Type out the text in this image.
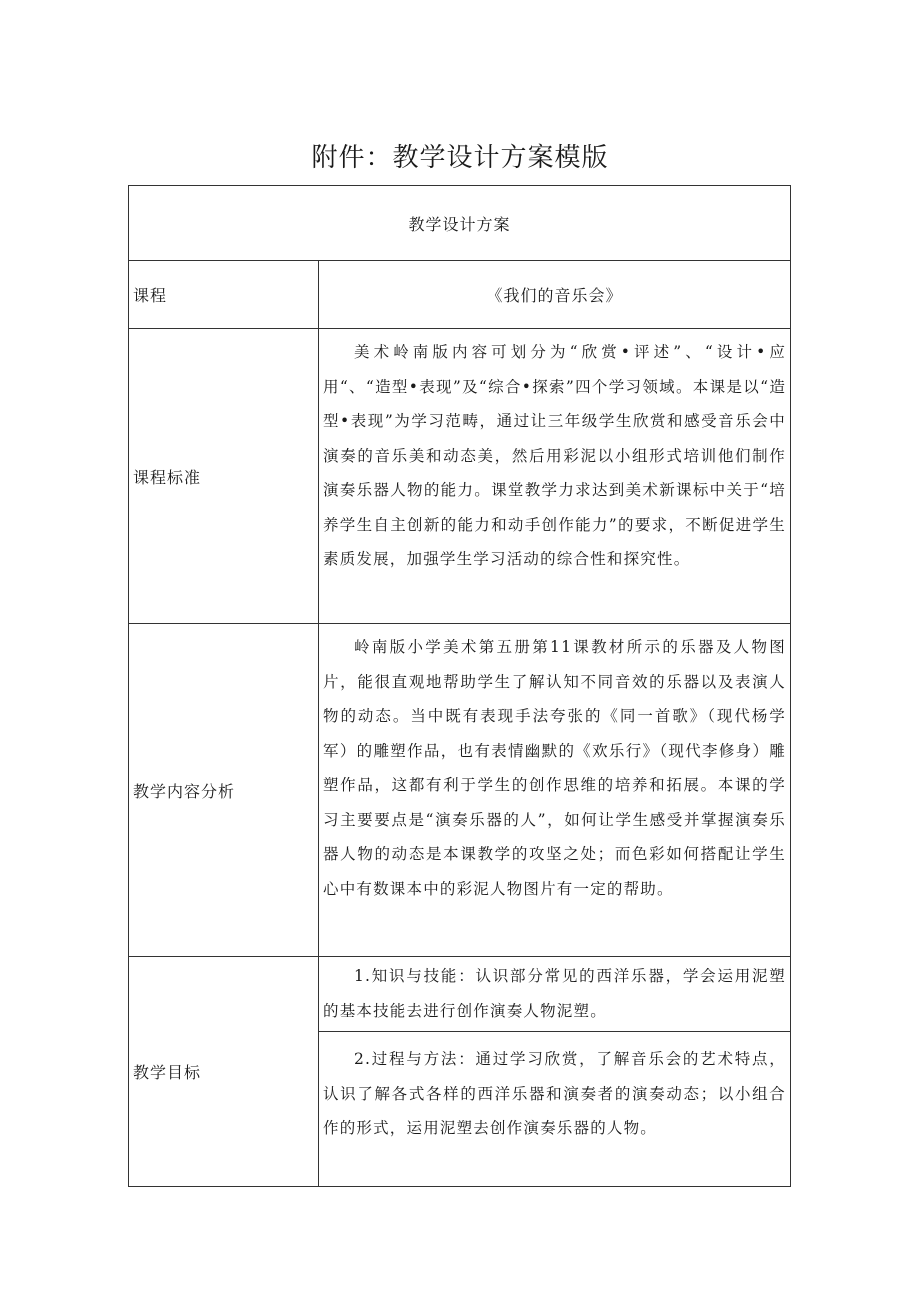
附件：教学设计方案模版
教学设计方案	
课程	《我们的音乐会》
课程标准	美术岭南版内容可划分为“欣赏•评述”、“设计•应用“、“造型•表现”及“综合•探索”四个学习领域。本课是以“造型•表现”为学习范畴，通过让三年级学生欣赏和感受音乐会中演奏的音乐美和动态美，然后用彩泥以小组形式培训他们制作演奏乐器人物的能力。课堂教学力求达到美术新课标中关于“培养学生自主创新的能力和动手创作能力”的要求，不断促进学生素质发展，加强学生学习活动的综合性和探究性。

教学内容分析	岭南版小学美术第五册第11课教材所示的乐器及人物图片，能很直观地帮助学生了解认知不同音效的乐器以及表演人物的动态。当中既有表现手法夸张的《同一首歌》（现代杨学军）的雕塑作品，也有表情幽默的《欢乐行》（现代李修身）雕塑作品，这都有利于学生的创作思维的培养和拓展。本课的学习主要要点是“演奏乐器的人”，如何让学生感受并掌握演奏乐器人物的动态是本课教学的攻坚之处；而色彩如何搭配让学生心中有数课本中的彩泥人物图片有一定的帮助。

教学目标	1.知识与技能：认识部分常见的西洋乐器，学会运用泥塑的基本技能去进行创作演奏人物泥塑。

	2.过程与方法：通过学习欣赏，了解音乐会的艺术特点，认识了解各式各样的西洋乐器和演奏者的演奏动态；以小组合作的形式，运用泥塑去创作演奏乐器的人物。
